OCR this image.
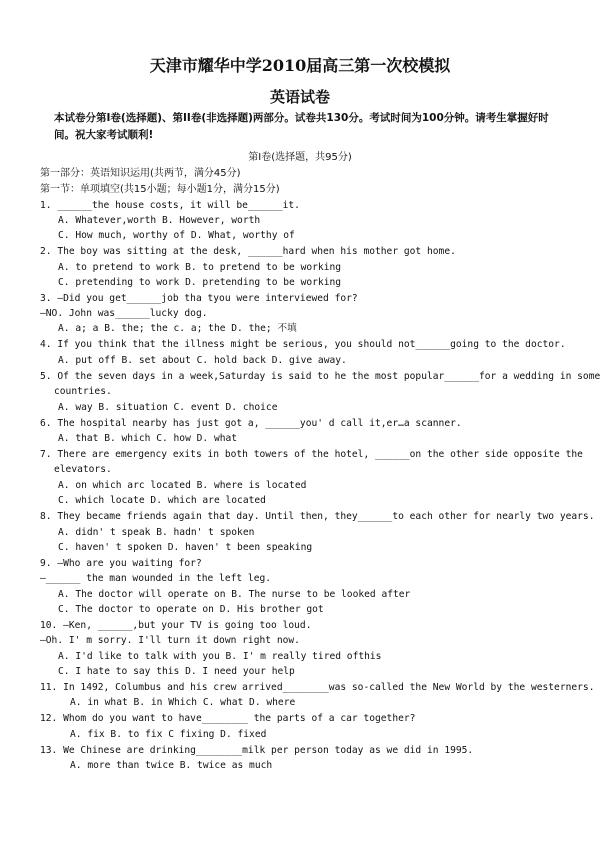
天津市耀华中学2010届高三第一次校模拟
英语试卷
本试卷分第I卷(选择题)、第II卷(非选择题)两部分。试卷共130分。考试时间为100分钟。请考生掌握好时间。祝大家考试顺利!
第I卷(选择题，共95分)
第一部分：英语知识运用(共两节，满分45分)
第一节：单项填空(共15小题；每小题1分，满分15分)
1. ______the house costs, it will be______it.
A. Whatever,worth B. However, worth
C. How much, worthy of D. What, worthy of
2. The boy was sitting at the desk, ______hard when his mother got home.
A. to pretend to work B. to pretend to be working
C. pretending to work D. pretending to be working
3. —Did you get______job tha tyou were interviewed for?
—NO. John was______lucky dog.
A. a; a B. the; the c. a; the D. the; 不填
4. If you think that the illness might be serious, you should not______going to the doctor.
A. put off B. set about C. hold back D. give away.
5. Of the seven days in a week,Saturday is said to he the most popular______for a wedding in some
countries.
A. way B. situation C. event D. choice
6. The hospital nearby has just got a, ______you' d call it,er…a scanner.
A. that B. which C. how D. what
7. There are emergency exits in both towers of the hotel, ______on the other side opposite the
elevators.
A. on which arc located B. where is located
C. which locate D. which are located
8. They became friends again that day. Until then, they______to each other for nearly two years.
A. didn' t speak B. hadn' t spoken
C. haven' t spoken D. haven' t been speaking
9. —Who are you waiting for?
—______ the man wounded in the left leg.
A. The doctor will operate on B. The nurse to be looked after
C. The doctor to operate on D. His brother got
10. —Ken, ______,but your TV is going too loud.
—Oh. I' m sorry. I'll turn it down right now.
A. I'd like to talk with you B. I' m really tired ofthis
C. I hate to say this D. I need your help
11. In 1492, Columbus and his crew arrived________was so-called the New World by the westerners.
A. in what B. in Which C. what D. where
12. Whom do you want to have________ the parts of a car together?
A. fix B. to fix C fixing D. fixed
13. We Chinese are drinking________milk per person today as we did in 1995.
A. more than twice B. twice as much
